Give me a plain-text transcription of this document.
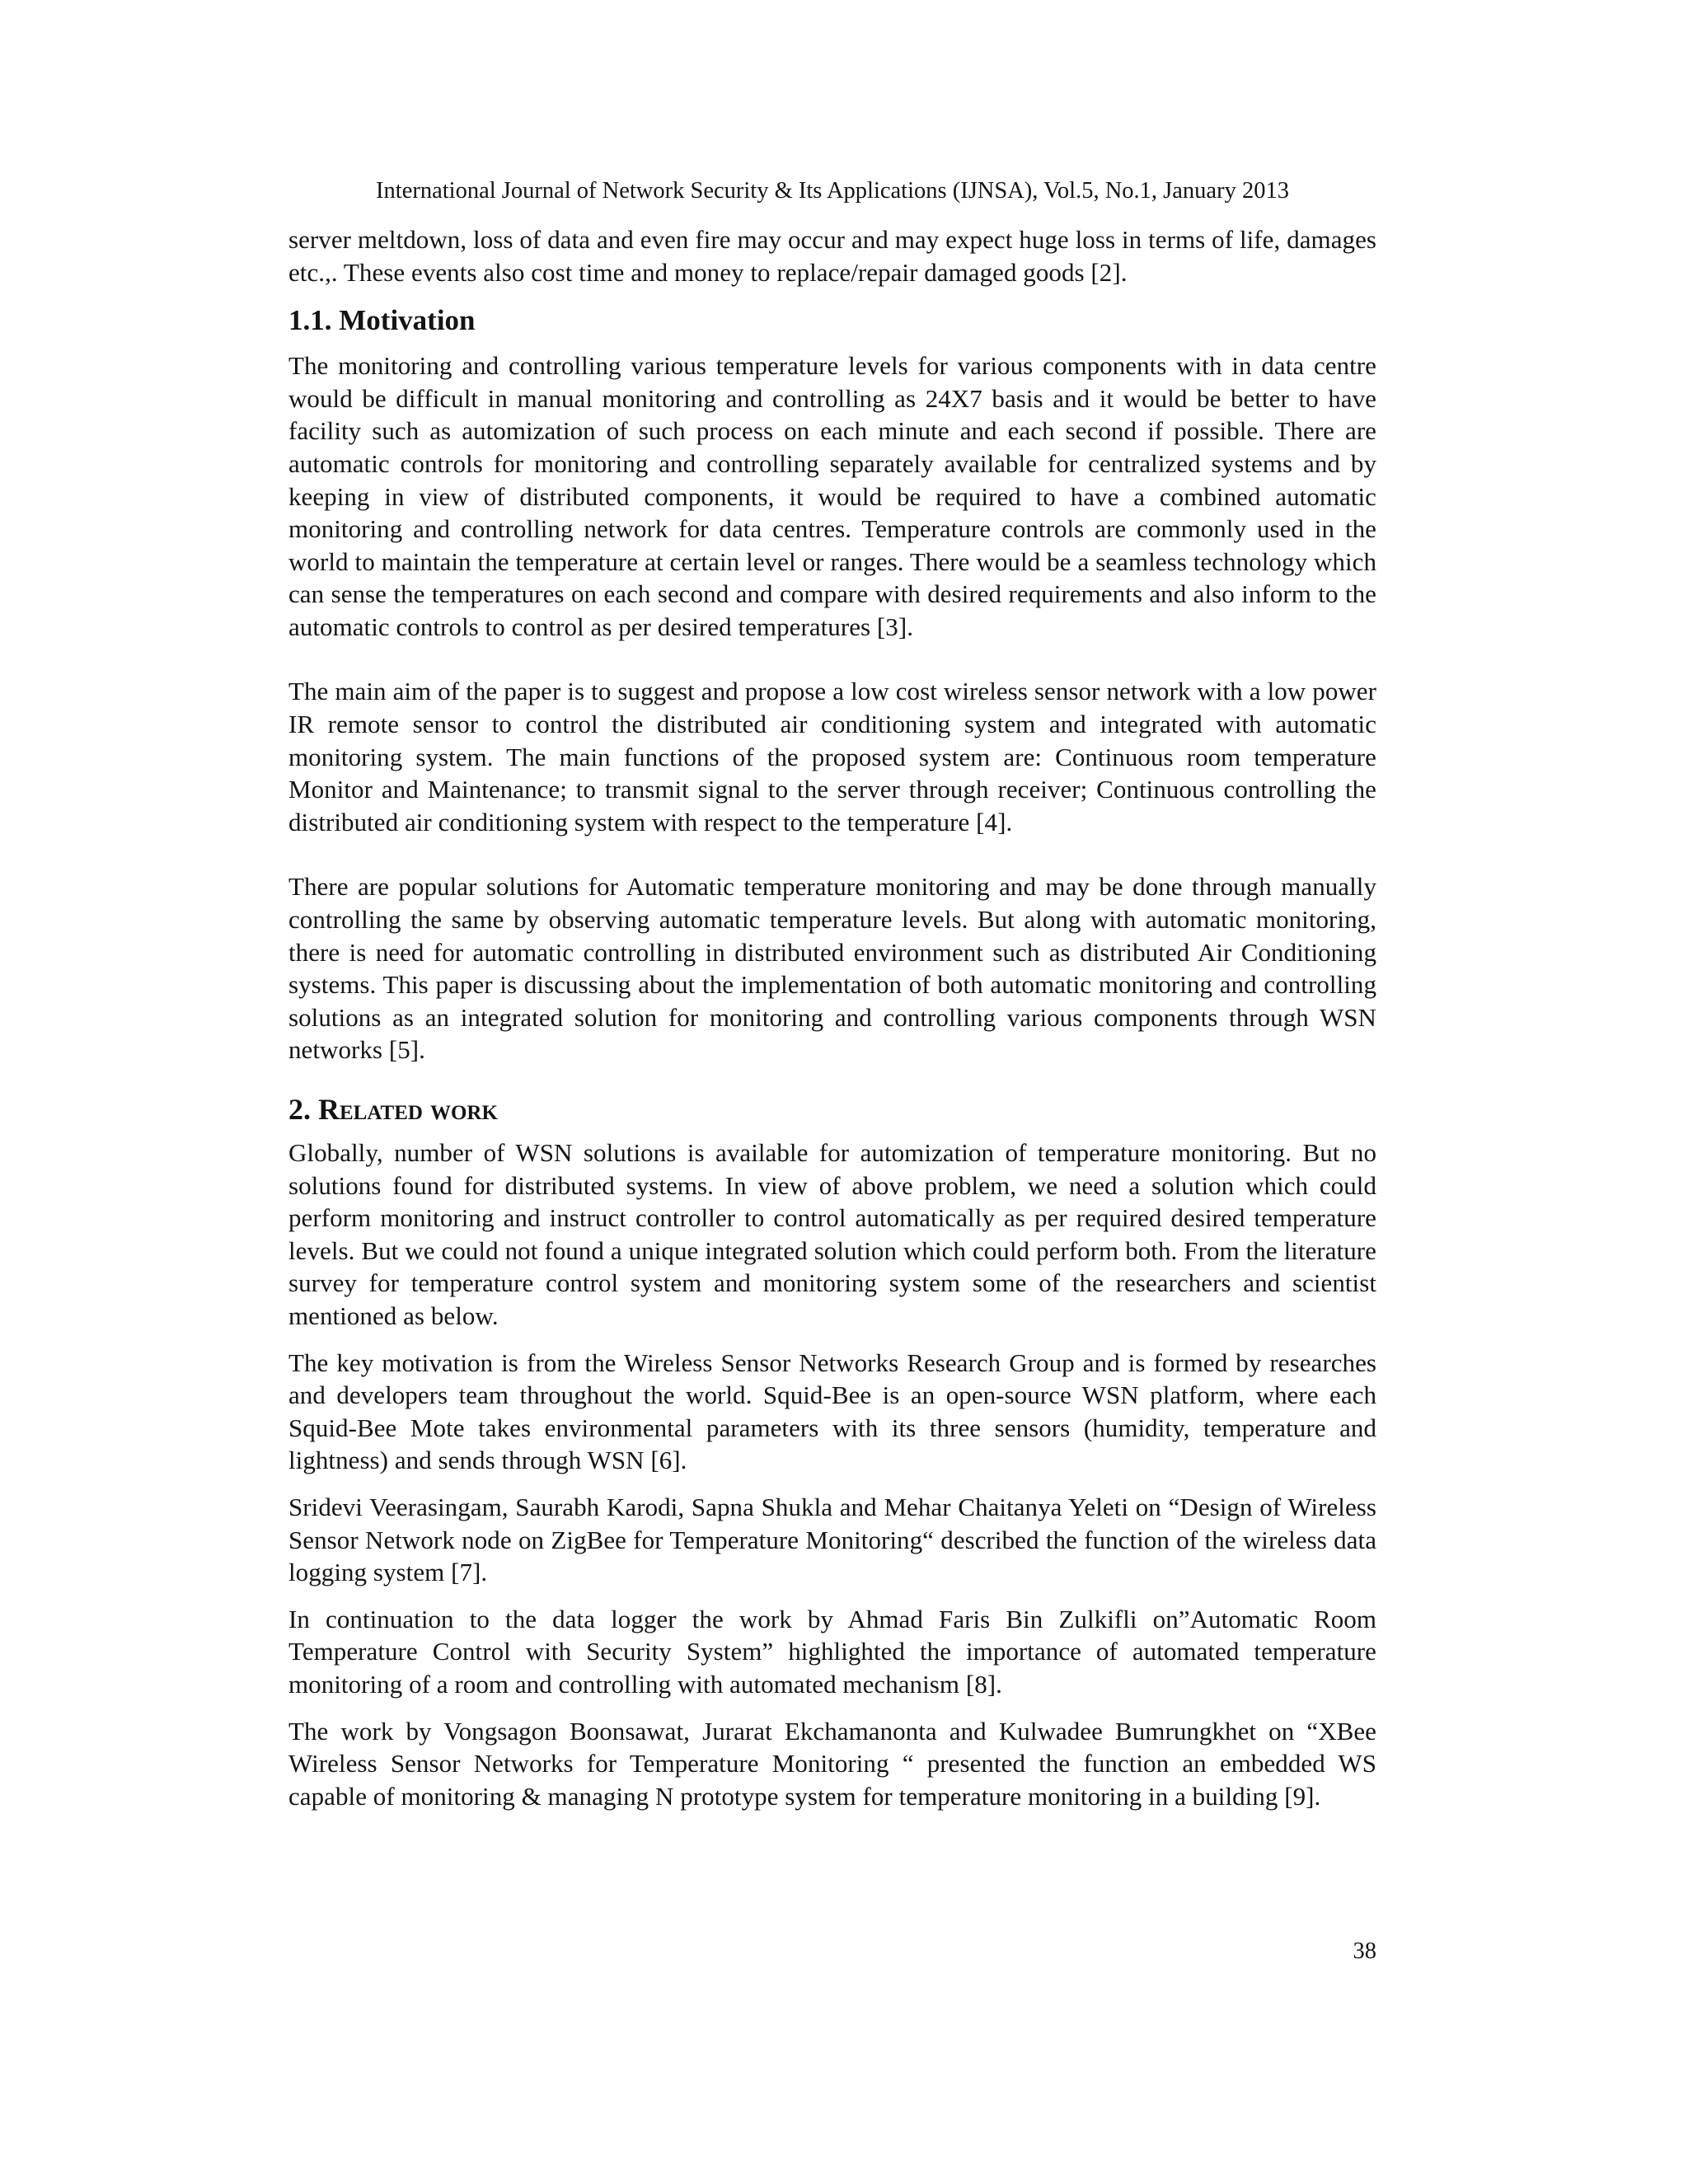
International Journal of Network Security & Its Applications (IJNSA), Vol.5, No.1, January 2013

server meltdown, loss of data and even fire may occur and may expect huge loss in terms of life, damages etc.,. These events also cost time and money to replace/repair damaged goods [2].

1.1. Motivation

The monitoring and controlling various temperature levels for various components with in data centre would be difficult in manual monitoring and controlling as 24X7 basis and it would be better to have facility such as automization of such process on each minute and each second if possible. There are automatic controls for monitoring and controlling separately available for centralized systems and by keeping in view of distributed components, it would be required to have a combined automatic monitoring and controlling network for data centres. Temperature controls are commonly used in the world to maintain the temperature at certain level or ranges. There would be a seamless technology which can sense the temperatures on each second and compare with desired requirements and also inform to the automatic controls to control as per desired temperatures [3].

The main aim of the paper is to suggest and propose a low cost wireless sensor network with a low power IR remote sensor to control the distributed air conditioning system and integrated with automatic monitoring system. The main functions of the proposed system are: Continuous room temperature Monitor and Maintenance; to transmit signal to the server through receiver; Continuous controlling the distributed air conditioning system with respect to the temperature [4].

There are popular solutions for Automatic temperature monitoring and may be done through manually controlling the same by observing automatic temperature levels. But along with automatic monitoring, there is need for automatic controlling in distributed environment such as distributed Air Conditioning systems. This paper is discussing about the implementation of both automatic monitoring and controlling solutions as an integrated solution for monitoring and controlling various components through WSN networks [5].

2. Related work

Globally, number of WSN solutions is available for automization of temperature monitoring. But no solutions found for distributed systems. In view of above problem, we need a solution which could perform monitoring and instruct controller to control automatically as per required desired temperature levels. But we could not found a unique integrated solution which could perform both. From the literature survey for temperature control system and monitoring system some of the researchers and scientist mentioned as below.

The key motivation is from the Wireless Sensor Networks Research Group and is formed by researches and developers team throughout the world. Squid-Bee is an open-source WSN platform, where each Squid-Bee Mote takes environmental parameters with its three sensors (humidity, temperature and lightness) and sends through WSN [6].

Sridevi Veerasingam, Saurabh Karodi, Sapna Shukla and Mehar Chaitanya Yeleti on “Design of Wireless Sensor Network node on ZigBee for Temperature Monitoring“ described the function of the wireless data logging system [7].

In continuation to the data logger the work by Ahmad Faris Bin Zulkifli on”Automatic Room Temperature Control with Security System” highlighted the importance of automated temperature monitoring of a room and controlling with automated mechanism [8].

The work by Vongsagon Boonsawat, Jurarat Ekchamanonta and Kulwadee Bumrungkhet on “XBee Wireless Sensor Networks for Temperature Monitoring “ presented the function an embedded WS capable of monitoring & managing N prototype system for temperature monitoring in a building [9].

38
